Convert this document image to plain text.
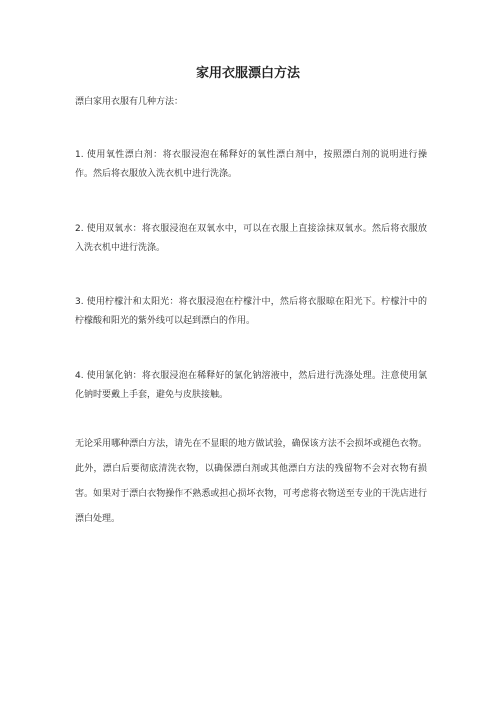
家用衣服漂白方法

漂白家用衣服有几种方法：

1. 使用氧性漂白剂：将衣服浸泡在稀释好的氧性漂白剂中，按照漂白剂的说明进行操作。然后将衣服放入洗衣机中进行洗涤。

2. 使用双氧水：将衣服浸泡在双氧水中，可以在衣服上直接涂抹双氧水。然后将衣服放入洗衣机中进行洗涤。

3. 使用柠檬汁和太阳光：将衣服浸泡在柠檬汁中，然后将衣服晾在阳光下。柠檬汁中的柠檬酸和阳光的紫外线可以起到漂白的作用。

4. 使用氯化钠：将衣服浸泡在稀释好的氯化钠溶液中，然后进行洗涤处理。注意使用氯化钠时要戴上手套，避免与皮肤接触。

无论采用哪种漂白方法，请先在不显眼的地方做试验，确保该方法不会损坏或褪色衣物。此外，漂白后要彻底清洗衣物，以确保漂白剂或其他漂白方法的残留物不会对衣物有损害。如果对于漂白衣物操作不熟悉或担心损坏衣物，可考虑将衣物送至专业的干洗店进行漂白处理。
